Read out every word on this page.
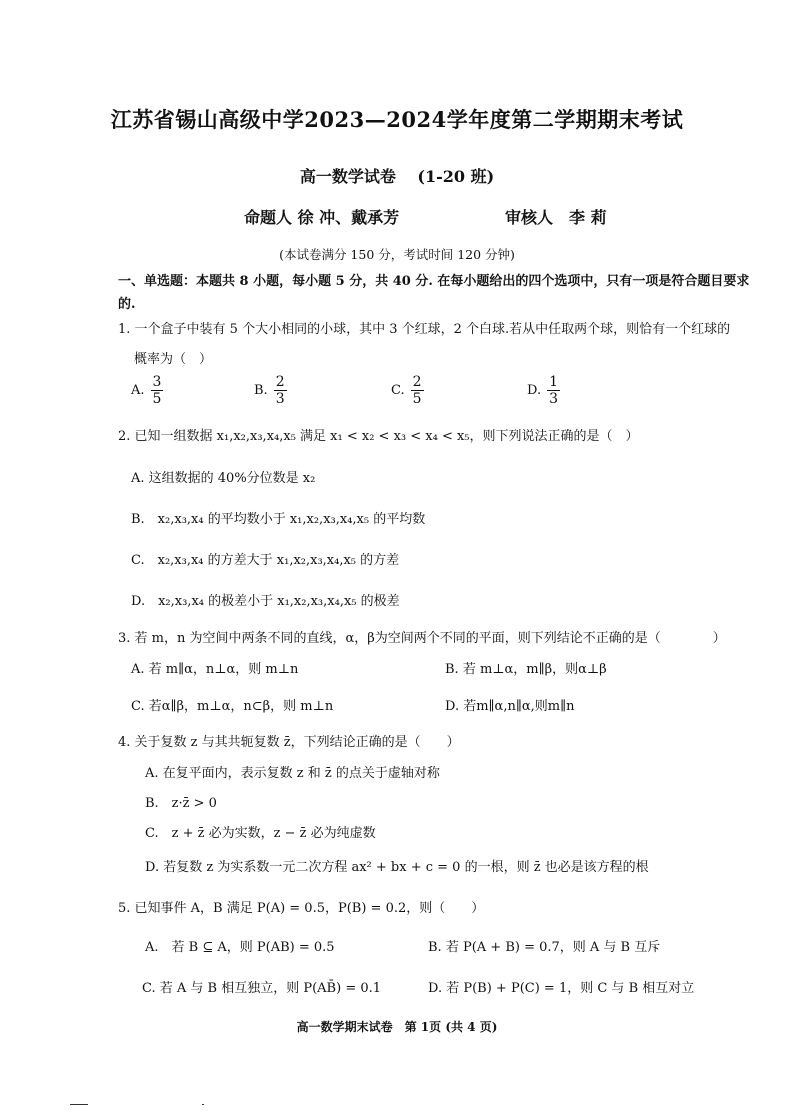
江苏省锡山高级中学2023—2024学年度第二学期期末考试
高一数学试卷　 (1-20 班)
命题人 徐 冲、戴承芳	审核人　李 莉
(本试卷满分 150 分，考试时间 120 分钟)
一、单选题：本题共 8 小题，每小题 5 分，共 40 分. 在每小题给出的四个选项中，只有一项是符合题目要求的.
1. 一个盒子中装有 5 个大小相同的小球，其中 3 个红球，2 个白球.若从中任取两个球，则恰有一个红球的
概率为（　）
A. $\frac{3}{5}$	B. $\frac{2}{3}$	C. $\frac{2}{5}$	D. $\frac{1}{3}$
2. 已知一组数据 x₁,x₂,x₃,x₄,x₅ 满足 x₁ < x₂ < x₃ < x₄ < x₅，则下列说法正确的是（　）
A. 这组数据的 40%分位数是 x₂
B.　x₂,x₃,x₄ 的平均数小于 x₁,x₂,x₃,x₄,x₅ 的平均数
C.　x₂,x₃,x₄ 的方差大于 x₁,x₂,x₃,x₄,x₅ 的方差
D.　x₂,x₃,x₄ 的极差小于 x₁,x₂,x₃,x₄,x₅ 的极差
3. 若 m，n 为空间中两条不同的直线，α，β为空间两个不同的平面，则下列结论不正确的是（　　　　）
A. 若 m∥α，n⊥α，则 m⊥n	B. 若 m⊥α，m∥β，则α⊥β
C. 若α∥β，m⊥α，n⊂β，则 m⊥n	D. 若m∥α,n∥α,则m∥n
4. 关于复数 z 与其共轭复数 z̄，下列结论正确的是（　　）
A. 在复平面内，表示复数 z 和 z̄ 的点关于虚轴对称
B.　z·z̄ > 0
C.　z + z̄ 必为实数，z − z̄ 必为纯虚数
D. 若复数 z 为实系数一元二次方程 ax² + bx + c = 0 的一根，则 z̄ 也必是该方程的根
5. 已知事件 A，B 满足 P(A) = 0.5，P(B) = 0.2，则（　　）
A.　若 B ⊆ A，则 P(AB) = 0.5	B. 若 P(A + B) = 0.7，则 A 与 B 互斥
C. 若 A 与 B 相互独立，则 P(AB̄) = 0.1	D. 若 P(B) + P(C) = 1，则 C 与 B 相互对立
高一数学期末试卷　第 1页 (共 4 页)
